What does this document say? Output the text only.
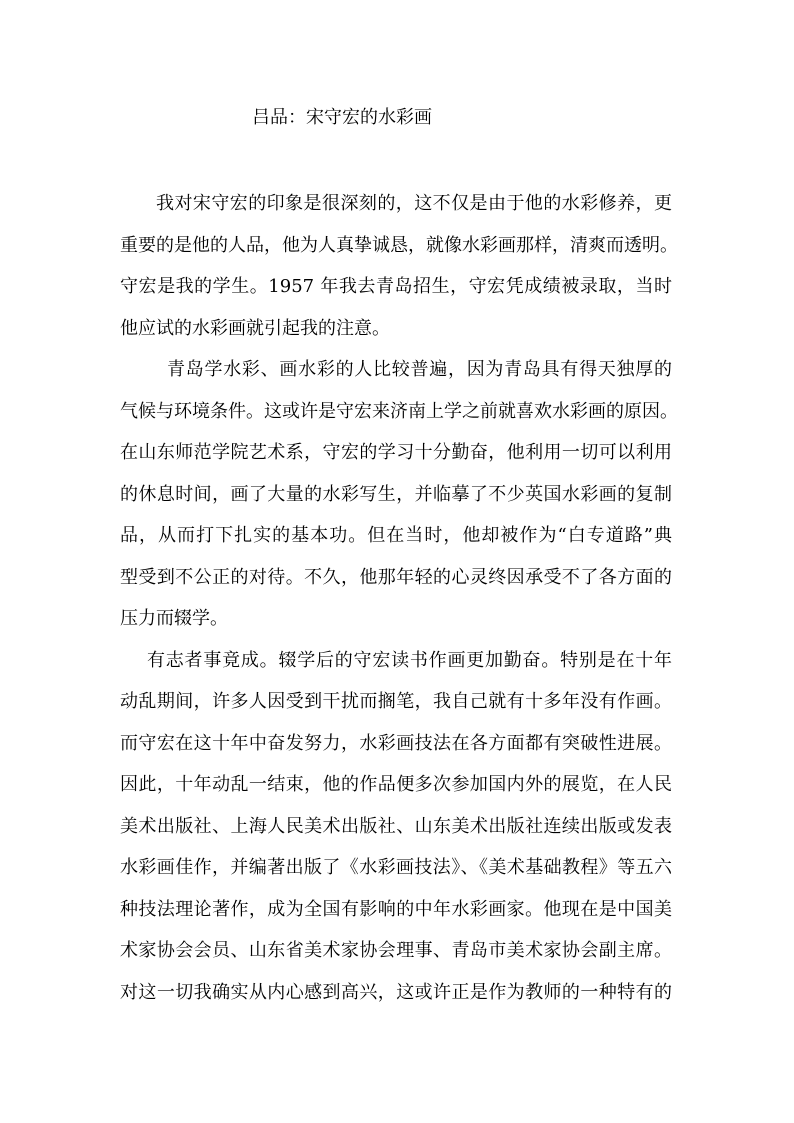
吕品：宋守宏的水彩画
我对宋守宏的印象是很深刻的，这不仅是由于他的水彩修养，更
重要的是他的人品，他为人真挚诚恳，就像水彩画那样，清爽而透明。
守宏是我的学生。1957 年我去青岛招生，守宏凭成绩被录取，当时
他应试的水彩画就引起我的注意。
青岛学水彩、画水彩的人比较普遍，因为青岛具有得天独厚的
气候与环境条件。这或许是守宏来济南上学之前就喜欢水彩画的原因。
在山东师范学院艺术系，守宏的学习十分勤奋，他利用一切可以利用
的休息时间，画了大量的水彩写生，并临摹了不少英国水彩画的复制
品，从而打下扎实的基本功。但在当时，他却被作为“白专道路”典
型受到不公正的对待。不久，他那年轻的心灵终因承受不了各方面的
压力而辍学。
有志者事竟成。辍学后的守宏读书作画更加勤奋。特别是在十年
动乱期间，许多人因受到干扰而搁笔，我自己就有十多年没有作画。
而守宏在这十年中奋发努力，水彩画技法在各方面都有突破性进展。
因此，十年动乱一结束，他的作品便多次参加国内外的展览，在人民
美术出版社、上海人民美术出版社、山东美术出版社连续出版或发表
水彩画佳作，并编著出版了《水彩画技法》、《美术基础教程》等五六
种技法理论著作，成为全国有影响的中年水彩画家。他现在是中国美
术家协会会员、山东省美术家协会理事、青岛市美术家协会副主席。
对这一切我确实从内心感到高兴，这或许正是作为教师的一种特有的
